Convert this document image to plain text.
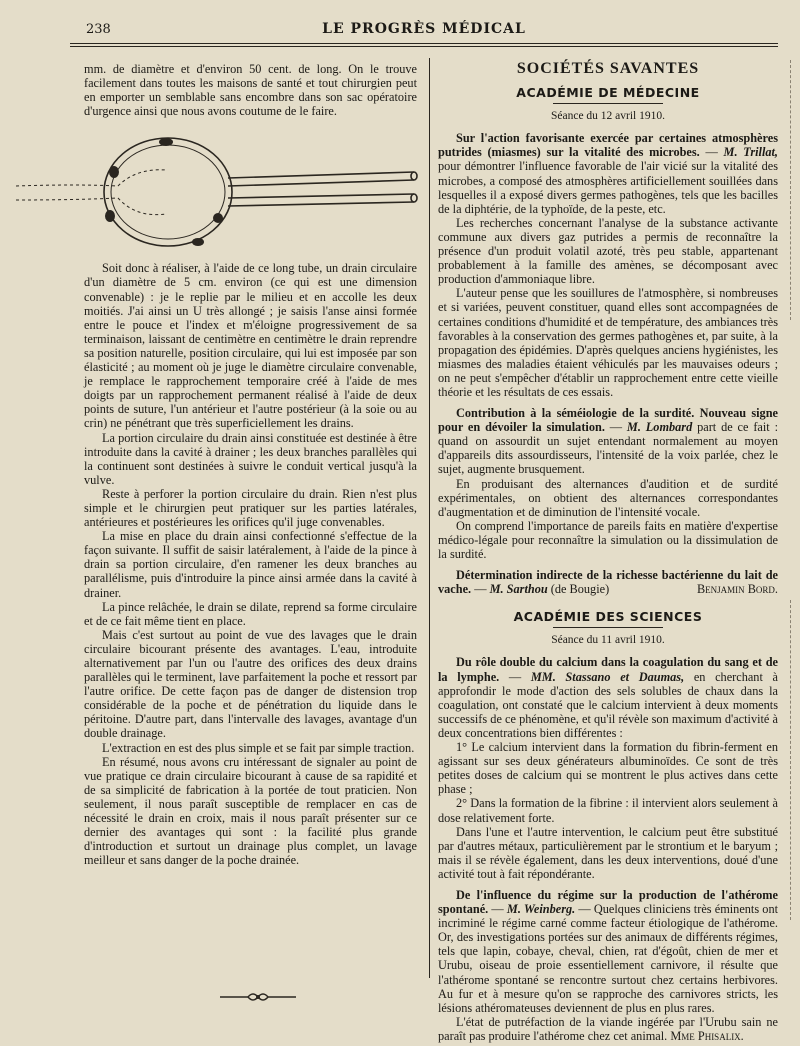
238	LE PROGRÈS MÉDICAL

mm. de diamètre et d'environ 50 cent. de long. On le trouve facilement dans toutes les maisons de santé et tout chirurgien peut en emporter un semblable sans encombre dans son sac opératoire d'urgence ainsi que nous avons coutume de le faire.

Soit donc à réaliser, à l'aide de ce long tube, un drain circulaire d'un diamètre de 5 cm. environ (ce qui est une dimension convenable) : je le replie par le milieu et en accolle les deux moitiés. J'ai ainsi un U très allongé ; je saisis l'anse ainsi formée entre le pouce et l'index et m'éloigne progressivement de sa terminaison, laissant de centimètre en centimètre le drain reprendre sa position naturelle, position circulaire, qui lui est imposée par son élasticité ; au moment où je juge le diamètre circulaire convenable, je remplace le rapprochement temporaire créé à l'aide de mes doigts par un rapprochement permanent réalisé à l'aide de deux points de suture, l'un antérieur et l'autre postérieur (à la soie ou au crin) ne pénétrant que très superficiellement les drains.

La portion circulaire du drain ainsi constituée est destinée à être introduite dans la cavité à drainer ; les deux branches parallèles qui la continuent sont destinées à suivre le conduit vertical jusqu'à la vulve.

Reste à perforer la portion circulaire du drain. Rien n'est plus simple et le chirurgien peut pratiquer sur les parties latérales, antérieures et postérieures les orifices qu'il juge convenables.

La mise en place du drain ainsi confectionné s'effectue de la façon suivante. Il suffit de saisir latéralement, à l'aide de la pince à drain sa portion circulaire, d'en ramener les deux branches au parallélisme, puis d'introduire la pince ainsi armée dans la cavité à drainer.

La pince relâchée, le drain se dilate, reprend sa forme circulaire et de ce fait même tient en place.

Mais c'est surtout au point de vue des lavages que le drain circulaire bicourant présente des avantages. L'eau, introduite alternativement par l'un ou l'autre des orifices des deux drains parallèles qui le terminent, lave parfaitement la poche et ressort par l'autre orifice. De cette façon pas de danger de distension trop considérable de la poche et de pénétration du liquide dans le péritoine. D'autre part, dans l'intervalle des lavages, avantage d'un double drainage.

L'extraction en est des plus simple et se fait par simple traction.

En résumé, nous avons cru intéressant de signaler au point de vue pratique ce drain circulaire bicourant à cause de sa rapidité et de sa simplicité de fabrication à la portée de tout praticien. Non seulement, il nous paraît susceptible de remplacer en cas de nécessité le drain en croix, mais il nous paraît présenter sur ce dernier des avantages qui sont : la facilité plus grande d'introduction et surtout un drainage plus complet, un lavage meilleur et sans danger de la poche drainée.

SOCIÉTÉS SAVANTES
ACADÉMIE DE MÉDECINE
Séance du 12 avril 1910.

Sur l'action favorisante exercée par certaines atmosphères putrides (miasmes) sur la vitalité des microbes. — M. Trillat, pour démontrer l'influence favorable de l'air vicié sur la vitalité des microbes, a composé des atmosphères artificiellement souillées dans lesquelles il a exposé divers germes pathogènes, tels que les bacilles de la diphtérie, de la typhoïde, de la peste, etc.

Les recherches concernant l'analyse de la substance activante commune aux divers gaz putrides a permis de reconnaître la présence d'un produit volatil azoté, très peu stable, appartenant probablement à la famille des amènes, se décomposant avec production d'ammoniaque libre.

L'auteur pense que les souillures de l'atmosphère, si nombreuses et si variées, peuvent constituer, quand elles sont accompagnées de certaines conditions d'humidité et de température, des ambiances très favorables à la conservation des germes pathogènes et, par suite, à la propagation des épidémies. D'après quelques anciens hygiénistes, les miasmes des maladies étaient véhiculés par les mauvaises odeurs ; on ne peut s'empêcher d'établir un rapprochement entre cette vieille théorie et les résultats de ces essais.

Contribution à la séméiologie de la surdité. Nouveau signe pour en dévoiler la simulation. — M. Lombard part de ce fait : quand on assourdit un sujet entendant normalement au moyen d'appareils dits assourdisseurs, l'intensité de la voix parlée, chez le sujet, augmente brusquement.

En produisant des alternances d'audition et de surdité expérimentales, on obtient des alternances correspondantes d'augmentation et de diminution de l'intensité vocale.

On comprend l'importance de pareils faits en matière d'expertise médico-légale pour reconnaître la simulation ou la dissimulation de la surdité.

Détermination indirecte de la richesse bactérienne du lait de vache. — M. Sarthou (de Bougie)	Benjamin Bord.

ACADÉMIE DES SCIENCES
Séance du 11 avril 1910.

Du rôle double du calcium dans la coagulation du sang et de la lymphe. — MM. Stassano et Daumas, en cherchant à approfondir le mode d'action des sels solubles de chaux dans la coagulation, ont constaté que le calcium intervient à deux moments successifs de ce phénomène, et qu'il révèle son maximum d'activité à deux concentrations bien différentes :

1° Le calcium intervient dans la formation du fibrin-ferment en agissant sur ses deux générateurs albuminoïdes. Ce sont de très petites doses de calcium qui se montrent le plus actives dans cette phase ;

2° Dans la formation de la fibrine : il intervient alors seulement à dose relativement forte.

Dans l'une et l'autre intervention, le calcium peut être substitué par d'autres métaux, particulièrement par le strontium et le baryum ; mais il se révèle également, dans les deux interventions, doué d'une activité tout à fait répondérante.

De l'influence du régime sur la production de l'athérome spontané. — M. Weinberg. — Quelques cliniciens très éminents ont incriminé le régime carné comme facteur étiologique de l'athérome. Or, des investigations portées sur des animaux de différents régimes, tels que lapin, cobaye, cheval, chien, rat d'égoût, chien de mer et Urubu, oiseau de proie essentiellement carnivore, il résulte que l'athérome spontané se rencontre surtout chez certains herbivores. Au fur et à mesure qu'on se rapproche des carnivores stricts, les lésions athéromateuses deviennent de plus en plus rares.

L'état de putréfaction de la viande ingérée par l'Urubu sain ne paraît pas produire l'athérome chez cet animal. Mme Phisalix.
